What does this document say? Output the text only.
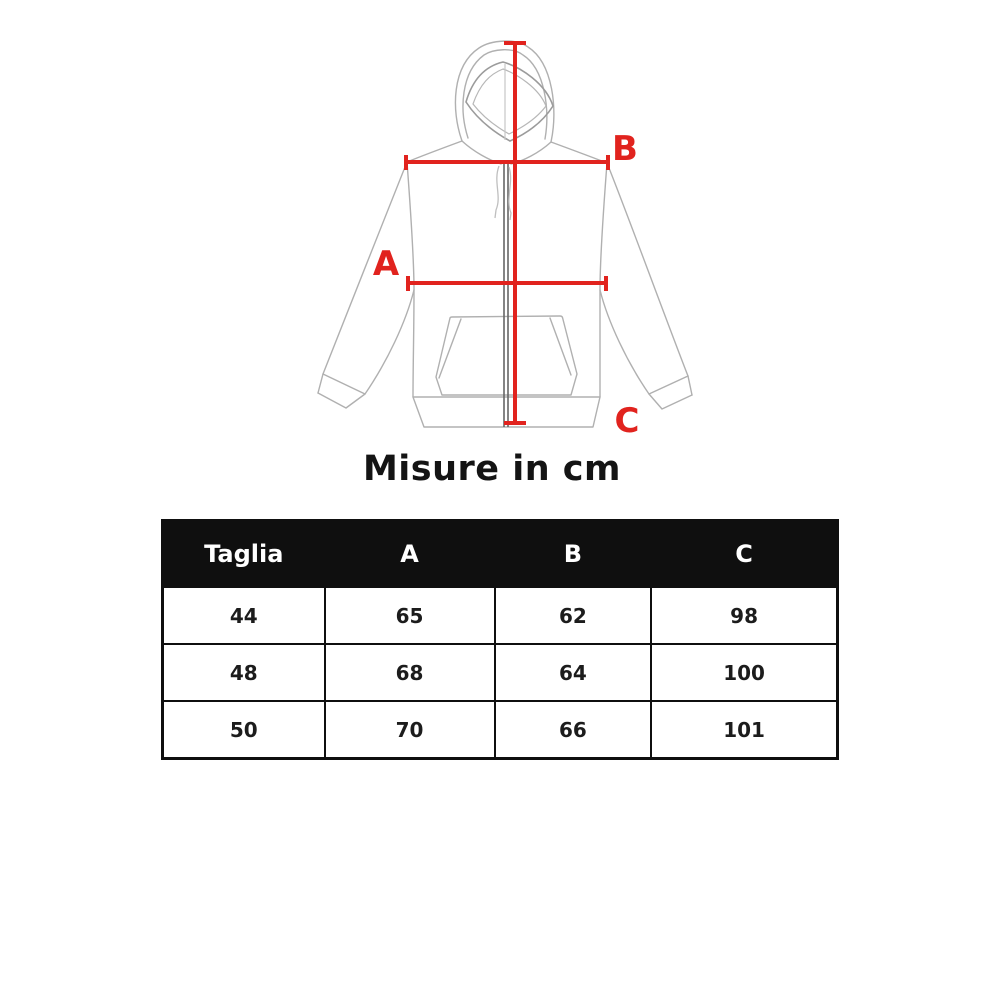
A
B
C
Misure in cm
Taglia	A	B	C
44	65	62	98
48	68	64	100
50	70	66	101
